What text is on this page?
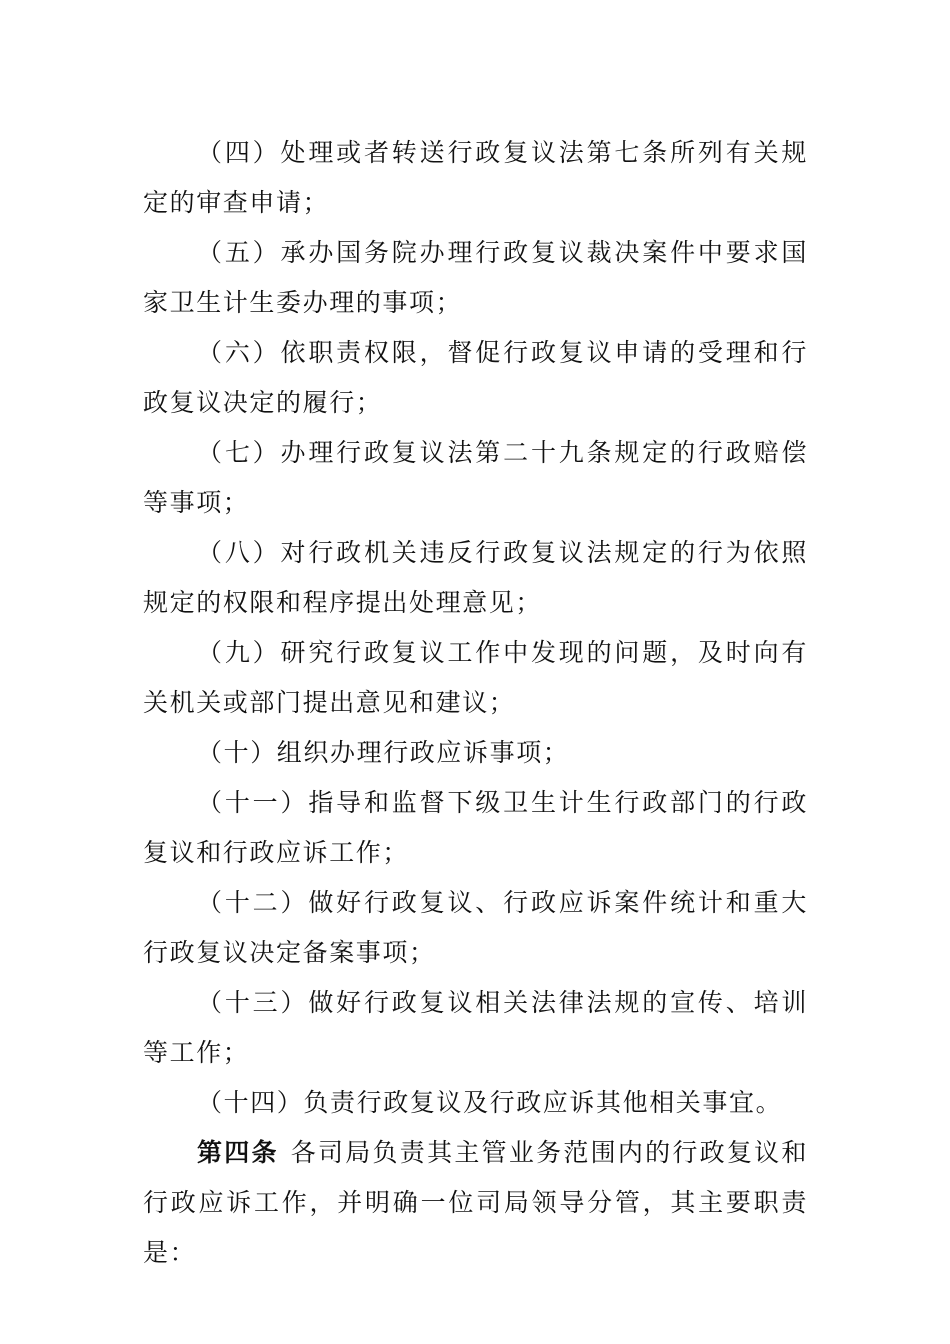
（四）处理或者转送行政复议法第七条所列有关规定的审查申请；

（五）承办国务院办理行政复议裁决案件中要求国家卫生计生委办理的事项；

（六）依职责权限，督促行政复议申请的受理和行政复议决定的履行；

（七）办理行政复议法第二十九条规定的行政赔偿等事项；

（八）对行政机关违反行政复议法规定的行为依照规定的权限和程序提出处理意见；

（九）研究行政复议工作中发现的问题，及时向有关机关或部门提出意见和建议；

（十）组织办理行政应诉事项；

（十一）指导和监督下级卫生计生行政部门的行政复议和行政应诉工作；

（十二）做好行政复议、行政应诉案件统计和重大行政复议决定备案事项；

（十三）做好行政复议相关法律法规的宣传、培训等工作；

（十四）负责行政复议及行政应诉其他相关事宜。

第四条 各司局负责其主管业务范围内的行政复议和行政应诉工作，并明确一位司局领导分管，其主要职责是：
